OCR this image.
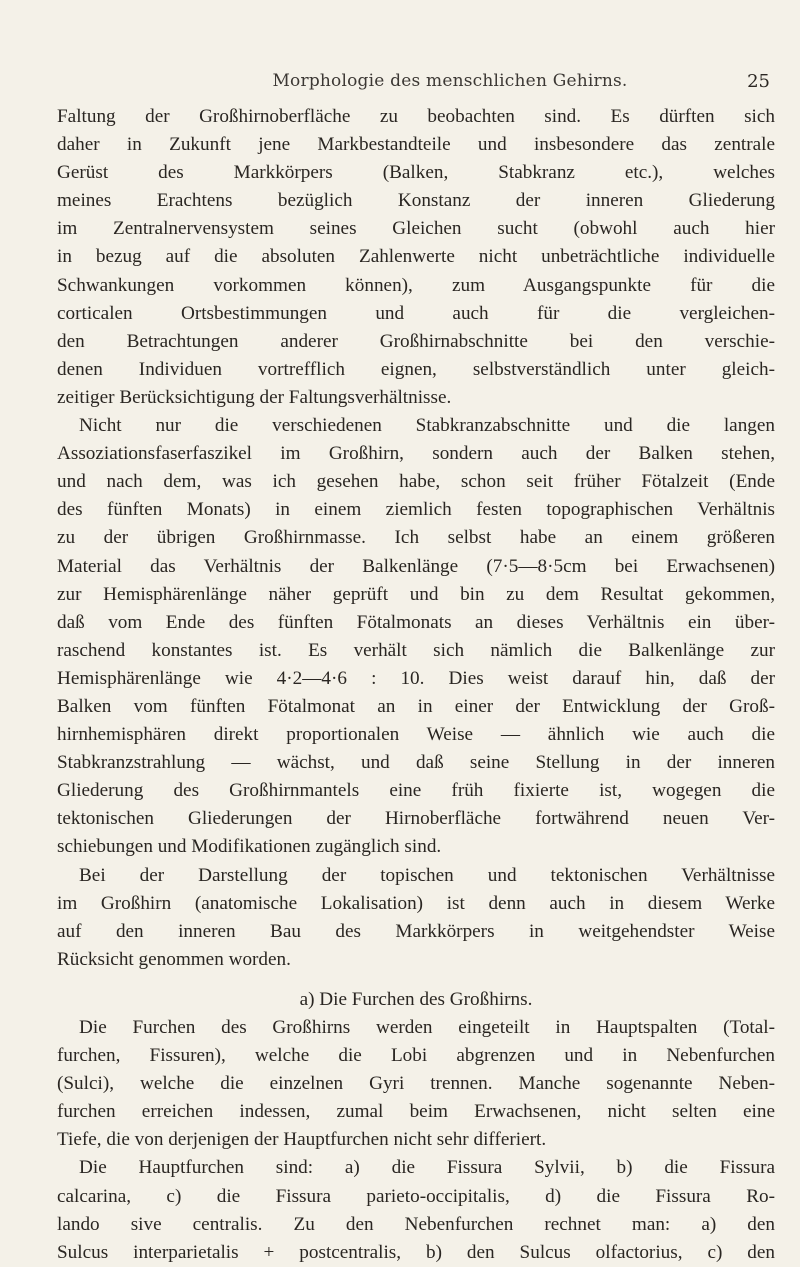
Morphologie des menschlichen Gehirns.	25
Faltung der Großhirnoberfläche zu beobachten sind. Es dürften sich
daher in Zukunft jene Markbestandteile und insbesondere das zentrale
Gerüst des Markkörpers (Balken, Stabkranz etc.), welches
meines Erachtens bezüglich Konstanz der inneren Gliederung
im Zentralnervensystem seines Gleichen sucht (obwohl auch hier
in bezug auf die absoluten Zahlenwerte nicht unbeträchtliche individuelle
Schwankungen vorkommen können), zum Ausgangspunkte für die
corticalen Ortsbestimmungen und auch für die vergleichen-
den Betrachtungen anderer Großhirnabschnitte bei den verschie-
denen Individuen vortrefflich eignen, selbstverständlich unter gleich-
zeitiger Berücksichtigung der Faltungsverhältnisse.
Nicht nur die verschiedenen Stabkranzabschnitte und die langen
Assoziationsfaserfaszikel im Großhirn, sondern auch der Balken stehen,
und nach dem, was ich gesehen habe, schon seit früher Fötalzeit (Ende
des fünften Monats) in einem ziemlich festen topographischen Verhältnis
zu der übrigen Großhirnmasse. Ich selbst habe an einem größeren
Material das Verhältnis der Balkenlänge (7·5—8·5cm bei Erwachsenen)
zur Hemisphärenlänge näher geprüft und bin zu dem Resultat gekommen,
daß vom Ende des fünften Fötalmonats an dieses Verhältnis ein über-
raschend konstantes ist. Es verhält sich nämlich die Balkenlänge zur
Hemisphärenlänge wie 4·2—4·6 : 10. Dies weist darauf hin, daß der
Balken vom fünften Fötalmonat an in einer der Entwicklung der Groß-
hirnhemisphären direkt proportionalen Weise — ähnlich wie auch die
Stabkranzstrahlung — wächst, und daß seine Stellung in der inneren
Gliederung des Großhirnmantels eine früh fixierte ist, wogegen die
tektonischen Gliederungen der Hirnoberfläche fortwährend neuen Ver-
schiebungen und Modifikationen zugänglich sind.
Bei der Darstellung der topischen und tektonischen Verhältnisse
im Großhirn (anatomische Lokalisation) ist denn auch in diesem Werke
auf den inneren Bau des Markkörpers in weitgehendster Weise
Rücksicht genommen worden.
a) Die Furchen des Großhirns.
Die Furchen des Großhirns werden eingeteilt in Hauptspalten (Total-
furchen, Fissuren), welche die Lobi abgrenzen und in Nebenfurchen
(Sulci), welche die einzelnen Gyri trennen. Manche sogenannte Neben-
furchen erreichen indessen, zumal beim Erwachsenen, nicht selten eine
Tiefe, die von derjenigen der Hauptfurchen nicht sehr differiert.
Die Hauptfurchen sind: a) die Fissura Sylvii, b) die Fissura
calcarina, c) die Fissura parieto-occipitalis, d) die Fissura Ro-
lando sive centralis. Zu den Nebenfurchen rechnet man: a) den
Sulcus interparietalis + postcentralis, b) den Sulcus olfactorius, c) den
